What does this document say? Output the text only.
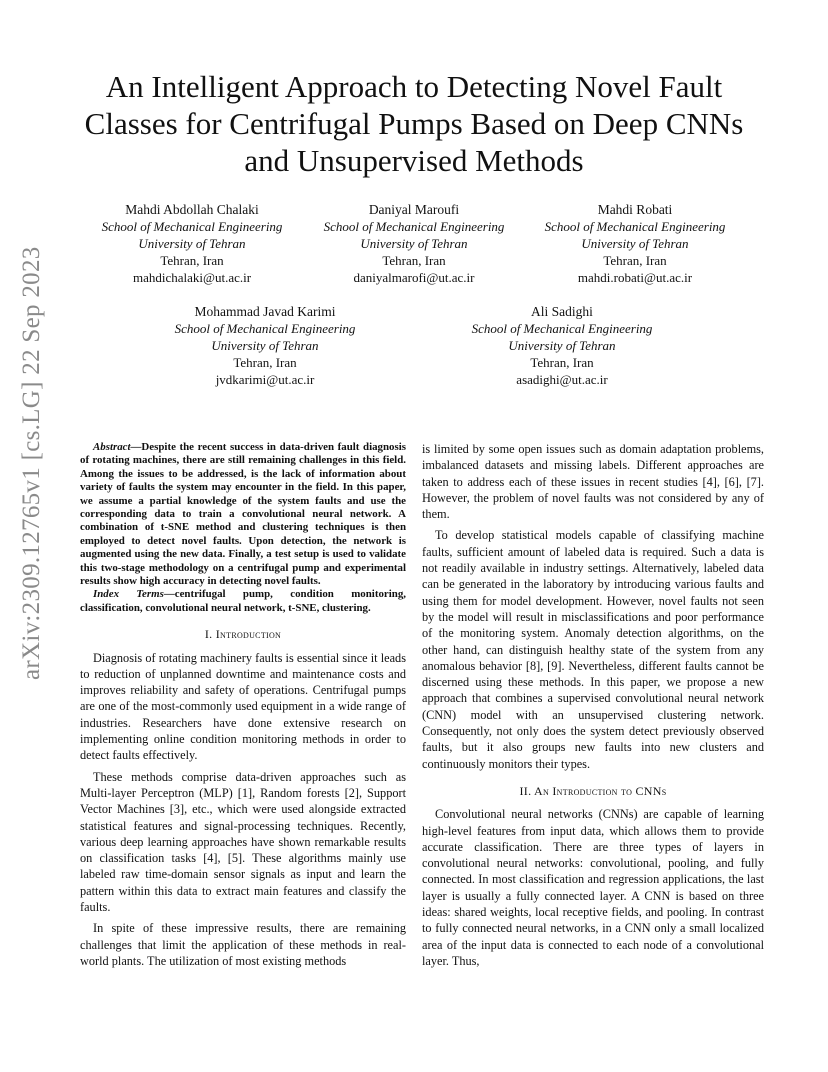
arXiv:2309.12765v1 [cs.LG] 22 Sep 2023
An Intelligent Approach to Detecting Novel Fault Classes for Centrifugal Pumps Based on Deep CNNs and Unsupervised Methods
Mahdi Abdollah Chalaki
School of Mechanical Engineering
University of Tehran
Tehran, Iran
mahdichalaki@ut.ac.ir
Daniyal Maroufi
School of Mechanical Engineering
University of Tehran
Tehran, Iran
daniyalmarofi@ut.ac.ir
Mahdi Robati
School of Mechanical Engineering
University of Tehran
Tehran, Iran
mahdi.robati@ut.ac.ir
Mohammad Javad Karimi
School of Mechanical Engineering
University of Tehran
Tehran, Iran
jvdkarimi@ut.ac.ir
Ali Sadighi
School of Mechanical Engineering
University of Tehran
Tehran, Iran
asadighi@ut.ac.ir

Abstract—Despite the recent success in data-driven fault diagnosis of rotating machines, there are still remaining challenges in this field. Among the issues to be addressed, is the lack of information about variety of faults the system may encounter in the field. In this paper, we assume a partial knowledge of the system faults and use the corresponding data to train a convolutional neural network. A combination of t-SNE method and clustering techniques is then employed to detect novel faults. Upon detection, the network is augmented using the new data. Finally, a test setup is used to validate this two-stage methodology on a centrifugal pump and experimental results show high accuracy in detecting novel faults.

Index Terms—centrifugal pump, condition monitoring, classification, convolutional neural network, t-SNE, clustering.

I. Introduction

Diagnosis of rotating machinery faults is essential since it leads to reduction of unplanned downtime and maintenance costs and improves reliability and safety of operations. Centrifugal pumps are one of the most-commonly used equipment in a wide range of industries. Researchers have done extensive research on implementing online condition monitoring methods in order to detect faults effectively.

These methods comprise data-driven approaches such as Multi-layer Perceptron (MLP) [1], Random forests [2], Support Vector Machines [3], etc., which were used alongside extracted statistical features and signal-processing techniques. Recently, various deep learning approaches have shown remarkable results on classification tasks [4], [5]. These algorithms mainly use labeled raw time-domain sensor signals as input and learn the pattern within this data to extract main features and classify the faults.

In spite of these impressive results, there are remaining challenges that limit the application of these methods in real-world plants. The utilization of most existing methods

is limited by some open issues such as domain adaptation problems, imbalanced datasets and missing labels. Different approaches are taken to address each of these issues in recent studies [4], [6], [7]. However, the problem of novel faults was not considered by any of them.

To develop statistical models capable of classifying machine faults, sufficient amount of labeled data is required. Such a data is not readily available in industry settings. Alternatively, labeled data can be generated in the laboratory by introducing various faults and using them for model development. However, novel faults not seen by the model will result in misclassifications and poor performance of the monitoring system. Anomaly detection algorithms, on the other hand, can distinguish healthy state of the system from any anomalous behavior [8], [9]. Nevertheless, different faults cannot be discerned using these methods. In this paper, we propose a new approach that combines a supervised convolutional neural network (CNN) model with an unsupervised clustering network. Consequently, not only does the system detect previously observed faults, but it also groups new faults into new clusters and continuously monitors their types.

II. An Introduction to CNNs

Convolutional neural networks (CNNs) are capable of learning high-level features from input data, which allows them to provide accurate classification. There are three types of layers in convolutional neural networks: convolutional, pooling, and fully connected. In most classification and regression applications, the last layer is usually a fully connected layer. A CNN is based on three ideas: shared weights, local receptive fields, and pooling. In contrast to fully connected neural networks, in a CNN only a small localized area of the input data is connected to each node of a convolutional layer. Thus,
